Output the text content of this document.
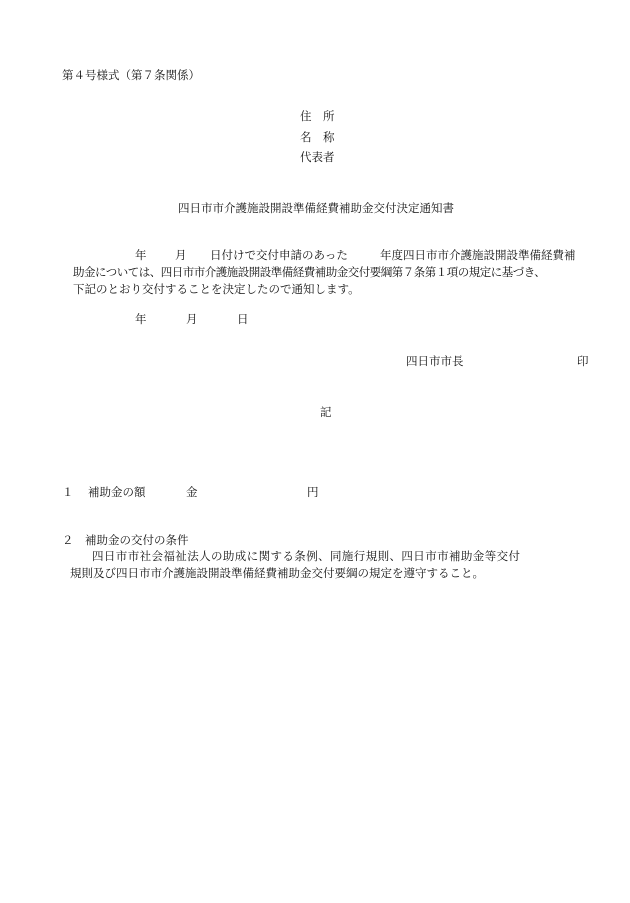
第４号様式（第７条関係）
住　所
名　称
代表者
四日市市介護施設開設準備経費補助金交付決定通知書
年 月 日付けで交付申請のあった	年度四日市市介護施設開設準備経費補
助金については、四日市市介護施設開設準備経費補助金交付要綱第７条第１項の規定に基づき、
下記のとおり交付することを決定したので通知します。
年	月	日
四日市市長	印
記
１ 補助金の額	金	円
２　補助金の交付の条件
四日市市社会福祉法人の助成に関する条例、同施行規則、四日市市補助金等交付
規則及び四日市市介護施設開設準備経費補助金交付要綱の規定を遵守すること。
